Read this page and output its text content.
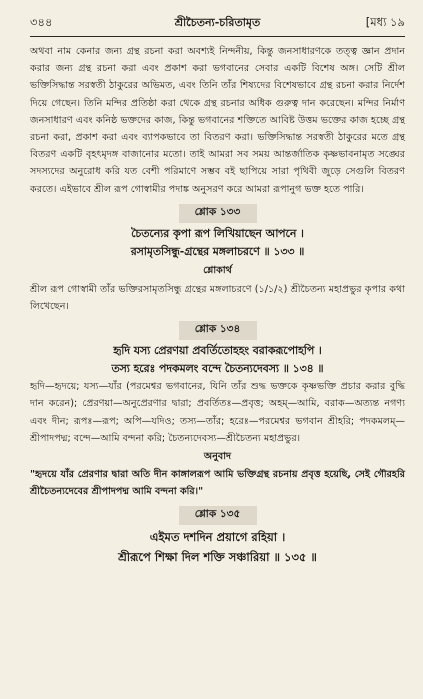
৩৪৪	শ্রীচৈতন্য-চরিতামৃত	[মধ্য ১৯

অথবা নাম কেনার জন্য গ্রন্থ রচনা করা অবশ্যই নিন্দনীয়, কিন্তু জনসাধারণকে তত্ত্ব জ্ঞান প্রদান করার জন্য গ্রন্থ রচনা করা এবং প্রকাশ করা ভগবানের সেবার একটি বিশেষ অঙ্গ। সেটি শ্রীল ভক্তিসিদ্ধান্ত সরস্বতী ঠাকুরের অভিমত, এবং তিনি তাঁর শিষ্যদের বিশেষভাবে গ্রন্থ রচনা করার নির্দেশ দিয়ে গেছেন। তিনি মন্দির প্রতিষ্ঠা করা থেকে গ্রন্থ রচনার অধিক গুরুত্ব দান করেছেন। মন্দির নির্মাণ জনসাধারণ এবং কনিষ্ঠ ভক্তদের কাজ, কিন্তু ভগবানের শক্তিতে আবিষ্ট উত্তম ভক্তের কাজ হচ্ছে গ্রন্থ রচনা করা, প্রকাশ করা এবং ব্যাপকভাবে তা বিতরণ করা। ভক্তিসিদ্ধান্ত সরস্বতী ঠাকুরের মতে গ্রন্থ বিতরণ একটি বৃহৎমৃদঙ্গ বাজানোর মতো। তাই আমরা সব সময় আন্তর্জাতিক কৃষ্ণভাবনামৃত সঙ্ঘের সদস্যদের অনুরোধ করি যত বেশী পরিমাণে সম্ভব বই ছাপিয়ে সারা পৃথিবী জুড়ে সেগুলি বিতরণ করতে। এইভাবে শ্রীল রূপ গোস্বামীর পদাঙ্ক অনুসরণ করে আমরা রূপানুগ ভক্ত হতে পারি।

শ্লোক ১৩৩

চৈতন্যের কৃপা রূপ লিখিয়াছেন আপনে ।

রসামৃতসিন্ধু-গ্রন্থের মঙ্গলাচরণে ॥ ১৩৩ ॥

শ্লোকার্থ

শ্রীল রূপ গোস্বামী তাঁর ভক্তিরসামৃতসিন্ধু গ্রন্থের মঙ্গলাচরণে (১/১/২) শ্রীচৈতন্য মহাপ্রভুর কৃপার কথা লিখেছেন।

শ্লোক ১৩৪

হৃদি যস্য প্রেরণয়া প্রবর্তিতোহহং বরাকরূপোহপি ।

তস্য হরেঃ পদকমলং বন্দে চৈতন্যদেবস্য ॥ ১৩৪ ॥

হৃদি—হৃদয়ে; যস্য—যাঁর (পরমেশ্বর ভগবানের, যিনি তাঁর শুদ্ধ ভক্তকে কৃষ্ণভক্তি প্রচার করার বুদ্ধি দান করেন); প্রেরণয়া—অনুপ্রেরণার দ্বারা; প্রবর্তিতঃ—প্রবৃত্ত; অহম্—আমি, বরাক—অত্যন্ত নগণ্য এবং দীন; রূপঃ—রূপ; অপি—যদিও; তস্য—তাঁর; হরেঃ—পরমেশ্বর ভগবান শ্রীহরি; পদকমলম্—শ্রীপাদপদ্ম; বন্দে—আমি বন্দনা করি; চৈতন্যদেবস্য—শ্রীচৈতন্য মহাপ্রভুর।

অনুবাদ

"হৃদয়ে যাঁর প্রেরণার দ্বারা অতি দীন কাঙ্গালরূপ আমি ভক্তিগ্রন্থ রচনায় প্রবৃত্ত হয়েছি, সেই গৌরহরি শ্রীচৈতন্যদেবের শ্রীপাদপদ্ম আমি বন্দনা করি।"

শ্লোক ১৩৫

এইমত দশদিন প্রয়াগে রহিয়া ।

শ্রীরূপে শিক্ষা দিল শক্তি সঞ্চারিয়া ॥ ১৩৫ ॥
